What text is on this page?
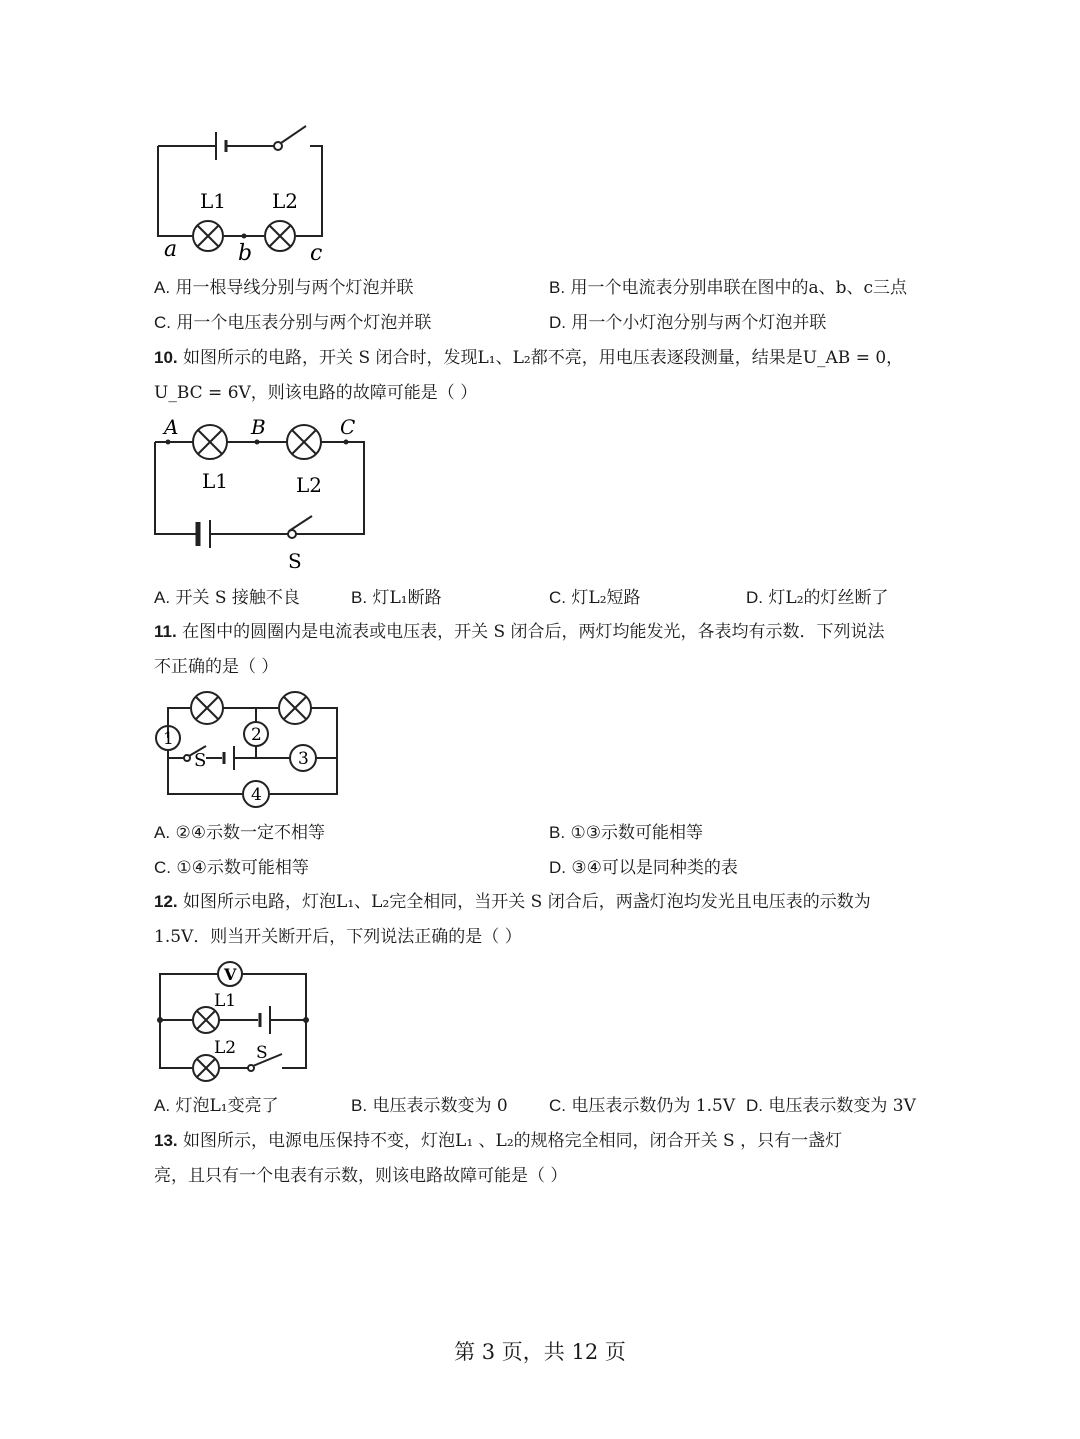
L1 L2
a	b	c
A. 用一根导线分别与两个灯泡并联	B. 用一个电流表分别串联在图中的a、b、c三点
C. 用一个电压表分别与两个灯泡并联	D. 用一个小灯泡分别与两个灯泡并联
10. 如图所示的电路，开关 S 闭合时，发现L₁、L₂都不亮，用电压表逐段测量，结果是U_AB = 0，
U_BC = 6V，则该电路的故障可能是（ ）
A	B	C
L1	L2
S
A. 开关 S 接触不良	B. 灯L₁断路	C. 灯L₂短路	D. 灯L₂的灯丝断了
11. 在图中的圆圈内是电流表或电压表，开关 S 闭合后，两灯均能发光，各表均有示数．下列说法
不正确的是（ ）
1	2
3
4
S
A. ②④示数一定不相等	B. ①③示数可能相等
C. ①④示数可能相等	D. ③④可以是同种类的表
12. 如图所示电路，灯泡L₁、L₂完全相同，当开关 S 闭合后，两盏灯泡均发光且电压表的示数为
1.5V．则当开关断开后，下列说法正确的是（ ）
V
L1
L2 S
A. 灯泡L₁变亮了	B. 电压表示数变为 0 C. 电压表示数仍为 1.5V D. 电压表示数变为 3V
13. 如图所示，电源电压保持不变，灯泡L₁ 、L₂的规格完全相同，闭合开关 S ，只有一盏灯
亮，且只有一个电表有示数，则该电路故障可能是（ ）
第 3 页，共 12 页
